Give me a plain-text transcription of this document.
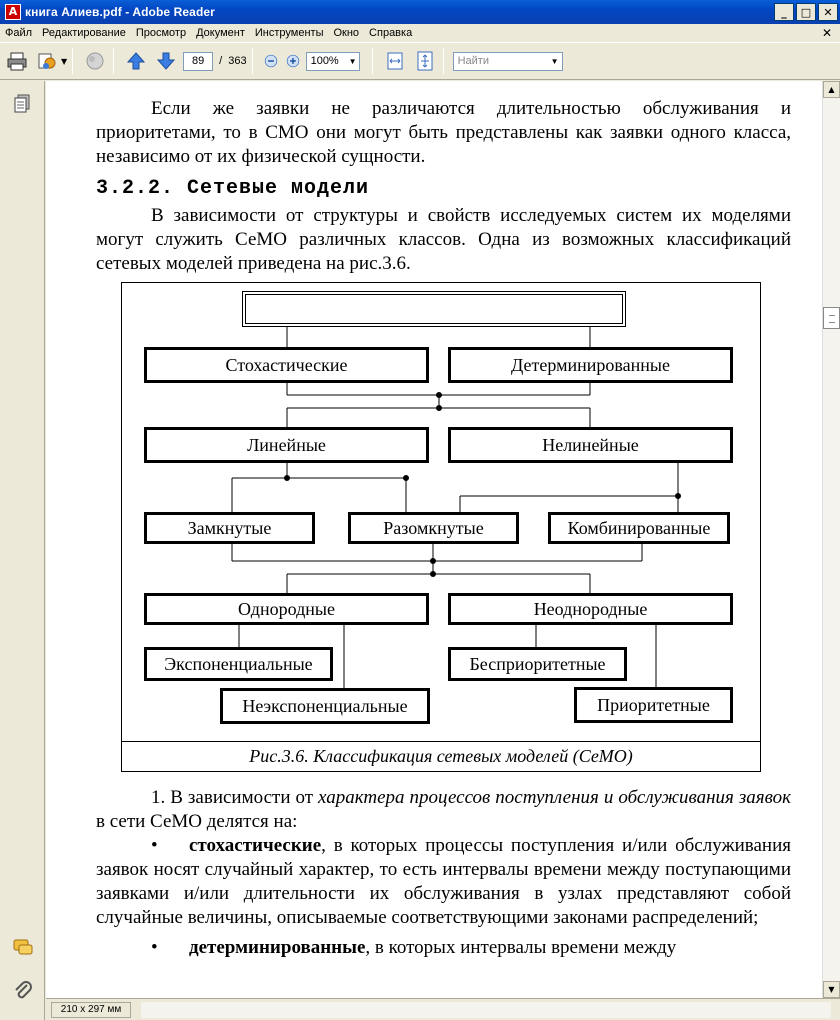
A книга Алиев.pdf - Adobe Reader	_	□	✕
Файл Редактирование Просмотр Документ Инструменты Окно Справка	✕
▼	89	/ 363	100% ▼	Найти	▼

Если же заявки не различаются длительностью обслуживания и приоритетами, то в СМО они могут быть представлены как заявки одного класса, независимо от их физической сущности.

3.2.2. Сетевые модели

В зависимости от структуры и свойств исследуемых систем их моделями могут служить СеМО различных классов. Одна из возможных классификаций сетевых моделей приведена на рис.3.6.

Стохастические	Детерминированные
Линейные	Нелинейные
Замкнутые	Разомкнутые	Комбинированные
Однородные	Неоднородные
Экспоненциальные
Неэкспоненциальные
Бесприоритетные
Приоритетные
Рис.3.6. Классификация сетевых моделей (СеМО)

1. В зависимости от характера процессов поступления и обслуживания заявок в сети СеМО делятся на:

• стохастические, в которых процессы поступления и/или обслуживания заявок носят случайный характер, то есть интервалы времени между поступающими заявками и/или длительности их обслуживания в узлах представляют собой случайные величины, описываемые соответствующими законами распределений;

• детерминированные, в которых интервалы времени между

▲
▼
210 x 297 мм
